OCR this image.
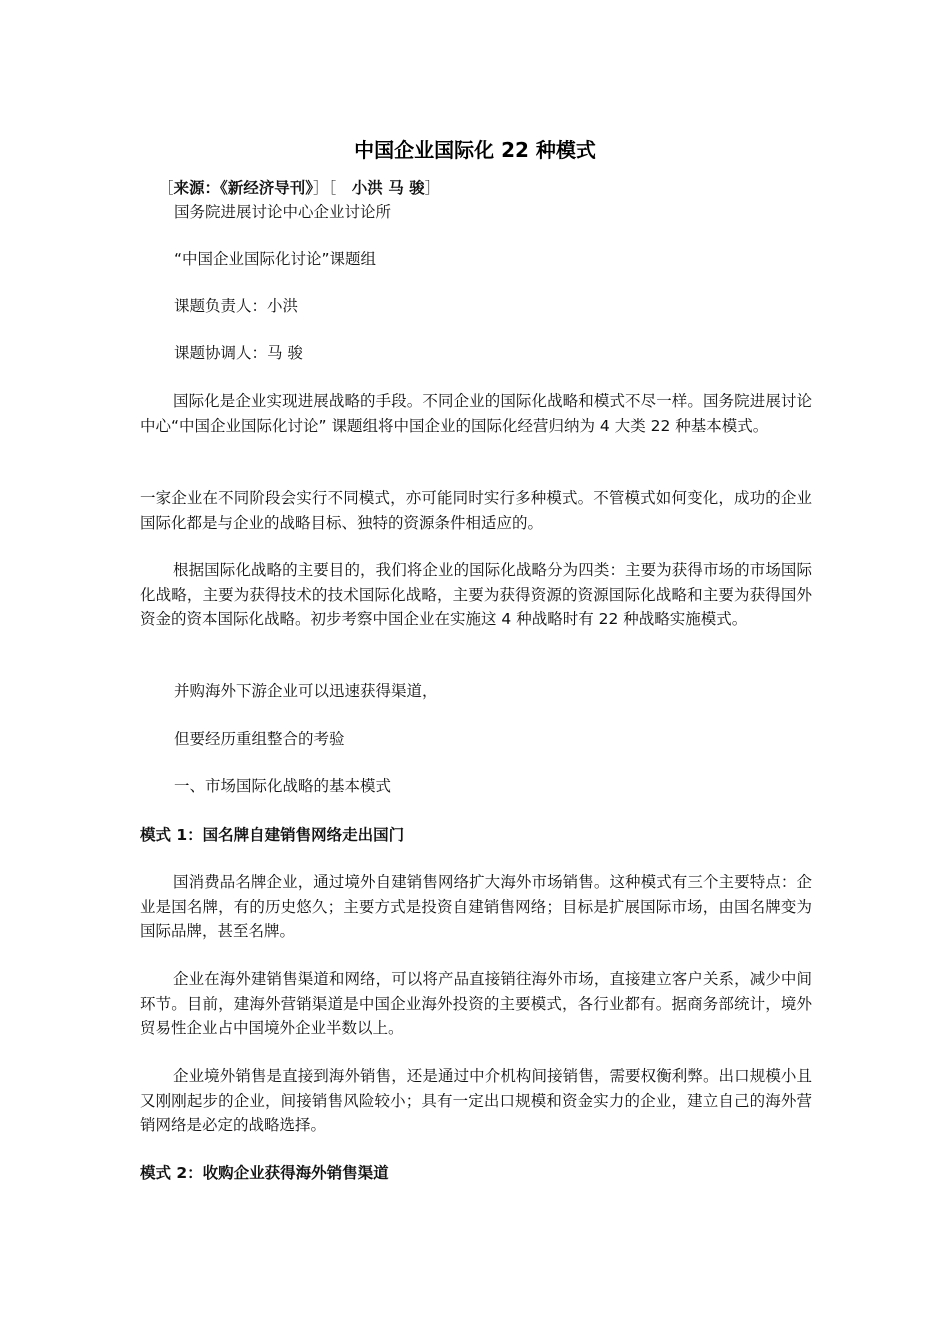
中国企业国际化 22 种模式
［来源：《新经济导刊》］［　小洪 马 骏］
国务院进展讨论中心企业讨论所
“中国企业国际化讨论”课题组
课题负责人：小洪
课题协调人：马 骏
国际化是企业实现进展战略的手段。不同企业的国际化战略和模式不尽一样。国务院进展讨论中心“中国企业国际化讨论” 课题组将中国企业的国际化经营归纳为 4 大类 22 种基本模式。
一家企业在不同阶段会实行不同模式，亦可能同时实行多种模式。不管模式如何变化，成功的企业国际化都是与企业的战略目标、独特的资源条件相适应的。
根据国际化战略的主要目的，我们将企业的国际化战略分为四类：主要为获得市场的市场国际化战略，主要为获得技术的技术国际化战略，主要为获得资源的资源国际化战略和主要为获得国外资金的资本国际化战略。初步考察中国企业在实施这 4 种战略时有 22 种战略实施模式。
并购海外下游企业可以迅速获得渠道，
但要经历重组整合的考验
一、市场国际化战略的基本模式
模式 1：国名牌自建销售网络走出国门
国消费品名牌企业，通过境外自建销售网络扩大海外市场销售。这种模式有三个主要特点：企业是国名牌，有的历史悠久；主要方式是投资自建销售网络；目标是扩展国际市场，由国名牌变为国际品牌，甚至名牌。
企业在海外建销售渠道和网络，可以将产品直接销往海外市场，直接建立客户关系，减少中间环节。目前，建海外营销渠道是中国企业海外投资的主要模式，各行业都有。据商务部统计，境外贸易性企业占中国境外企业半数以上。
企业境外销售是直接到海外销售，还是通过中介机构间接销售，需要权衡利弊。出口规模小且又刚刚起步的企业，间接销售风险较小；具有一定出口规模和资金实力的企业，建立自己的海外营销网络是必定的战略选择。
模式 2：收购企业获得海外销售渠道
